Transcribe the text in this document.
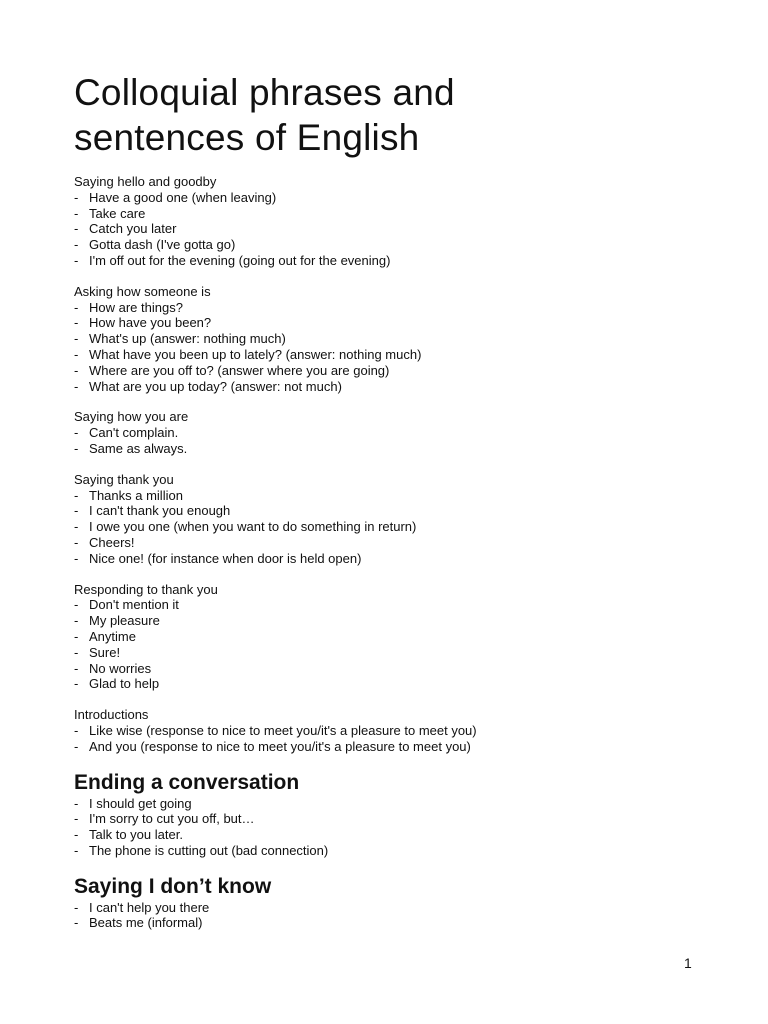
Colloquial phrases and
sentences of English
Saying hello and goodby
- Have a good one (when leaving)
- Take care
- Catch you later
- Gotta dash (I've gotta go)
- I'm off out for the evening (going out for the evening)
Asking how someone is
- How are things?
- How have you been?
- What's up (answer: nothing much)
- What have you been up to lately? (answer: nothing much)
- Where are you off to? (answer where you are going)
- What are you up today? (answer: not much)
Saying how you are
- Can't complain.
- Same as always.
Saying thank you
- Thanks a million
- I can't thank you enough
- I owe you one (when you want to do something in return)
- Cheers!
- Nice one! (for instance when door is held open)
Responding to thank you
- Don't mention it
- My pleasure
- Anytime
- Sure!
- No worries
- Glad to help
Introductions
- Like wise (response to nice to meet you/it's a pleasure to meet you)
- And you (response to nice to meet you/it's a pleasure to meet you)
Ending a conversation
- I should get going
- I'm sorry to cut you off, but…
- Talk to you later.
- The phone is cutting out (bad connection)
Saying I don’t know
- I can't help you there
- Beats me (informal)
1
